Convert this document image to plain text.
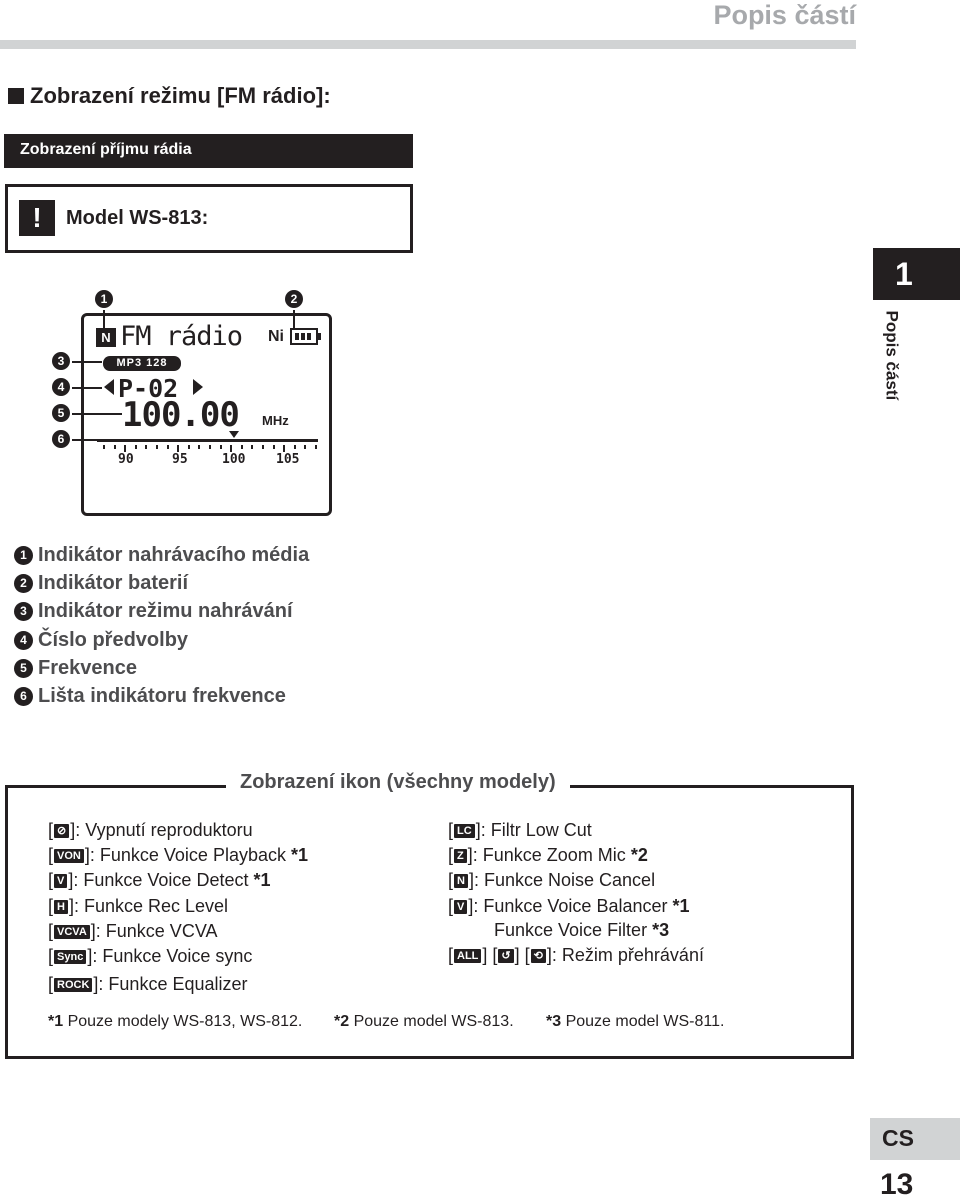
Popis částí
Zobrazení režimu [FM rádio]:
Zobrazení příjmu rádia
!	Model WS-813:
1
Popis částí
N FM rádio Ni
MP3 128
P-02
100.00 MHz
90	95	100 105
1	2
3
4
5
6
1 Indikátor nahrávacího média
2 Indikátor baterií
3 Indikátor režimu nahrávání
4 Číslo předvolby
5 Frekvence
6 Lišta indikátoru frekvence
Zobrazení ikon (všechny modely)
[ ⊘ ] : Vypnutí reproduktoru
[ VON ] : Funkce Voice Playback
*1
[ V ] : Funkce Voice Detect
*1
[ H ] : Funkce Rec Level
[ VCVA ] : Funkce VCVA
[ Sync ] : Funkce Voice sync
[ ROCK ] : Funkce Equalizer
[ LC ] : Filtr Low Cut
[ Z ] : Funkce Zoom Mic
*2
[ N ] : Funkce Noise Cancel
[ V ] : Funkce Voice Balancer
*1
Funkce Voice Filter
*3
[ ALL ] [ ↺ ] [ ⟲ ] : Režim přehrávání
*1 Pouze modely WS-813, WS-812. *2 Pouze model WS-813. *3 Pouze model WS-811.
CS
13
